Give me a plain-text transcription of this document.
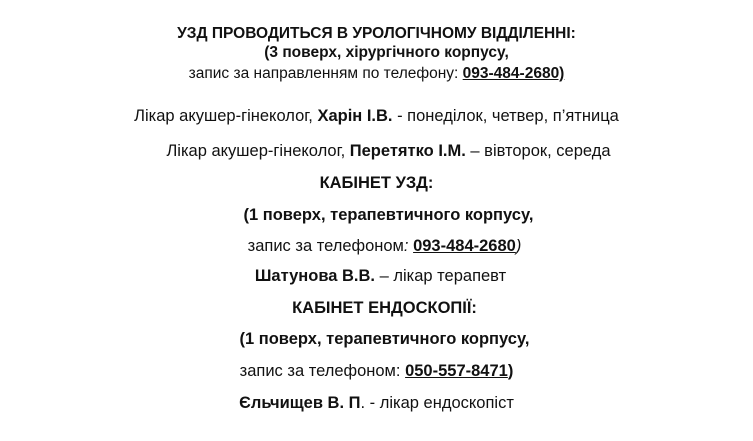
УЗД ПРОВОДИТЬСЯ В УРОЛОГІЧНОМУ ВІДДІЛЕННІ:
(3 поверх, хірургічного корпусу,
запис за направленням по телефону: 093-484-2680)
Лікар акушер-гінеколог, Харін І.В. - понеділок, четвер, п’ятница
Лікар акушер-гінеколог, Перетятко І.М. – вівторок, середа
КАБІНЕТ УЗД:
(1 поверх, терапевтичного корпусу,
запис за телефоном: 093-484-2680)
Шатунова В.В. – лікар терапевт
КАБІНЕТ ЕНДОСКОПІЇ:
(1 поверх, терапевтичного корпусу,
запис за телефоном: 050-557-8471)
Єльчищев В. П. - лікар ендоскопіст
